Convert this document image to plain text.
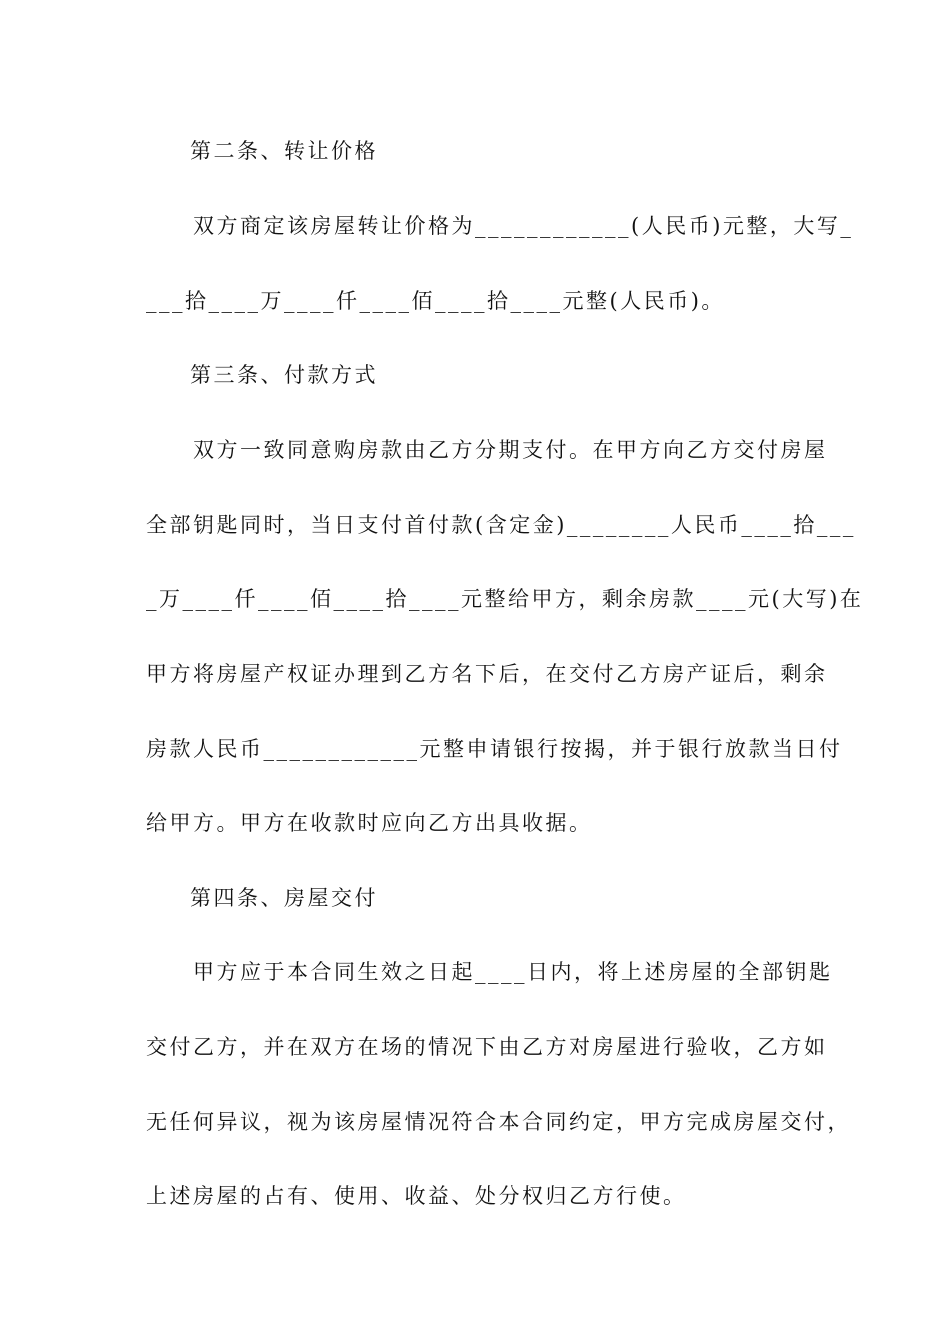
第二条、转让价格
　　双方商定该房屋转让价格为____________(人民币)元整，大写_
___拾____万____仟____佰____拾____元整(人民币)。
第三条、付款方式
　　双方一致同意购房款由乙方分期支付。在甲方向乙方交付房屋
全部钥匙同时，当日支付首付款(含定金)________人民币____拾___
_万____仟____佰____拾____元整给甲方，剩余房款____元(大写)在
甲方将房屋产权证办理到乙方名下后，在交付乙方房产证后，剩余
房款人民币____________元整申请银行按揭，并于银行放款当日付
给甲方。甲方在收款时应向乙方出具收据。
第四条、房屋交付
　　甲方应于本合同生效之日起____日内，将上述房屋的全部钥匙
交付乙方，并在双方在场的情况下由乙方对房屋进行验收，乙方如
无任何异议，视为该房屋情况符合本合同约定，甲方完成房屋交付，
上述房屋的占有、使用、收益、处分权归乙方行使。
